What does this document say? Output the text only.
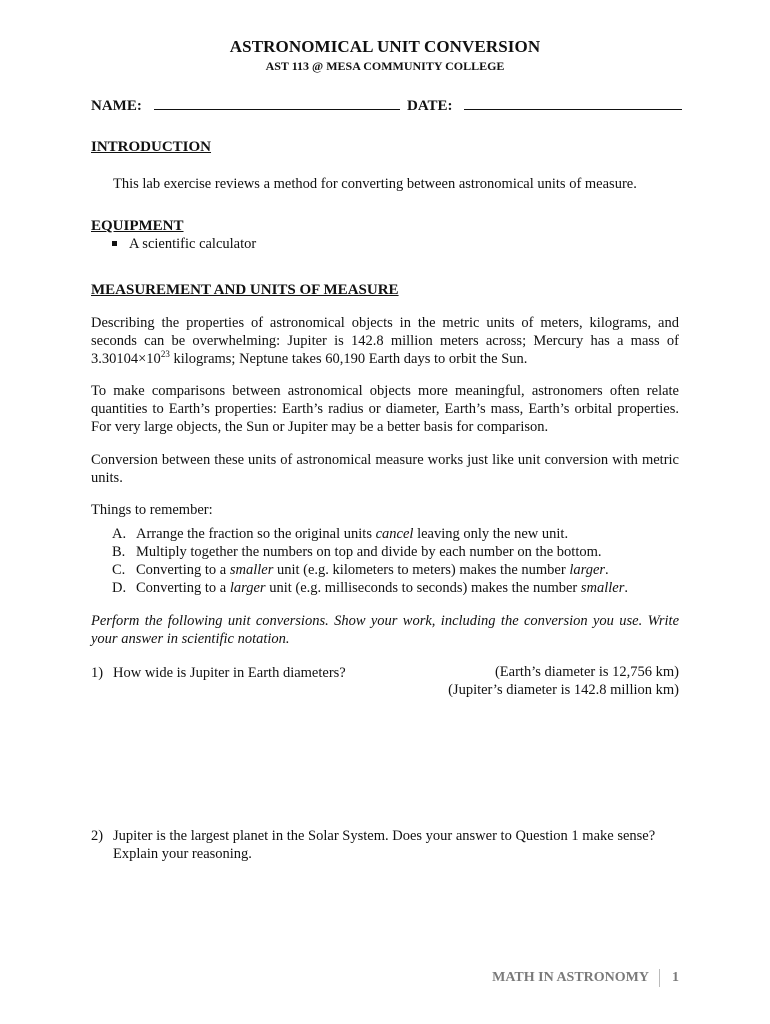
ASTRONOMICAL UNIT CONVERSION
AST 113 @ MESA COMMUNITY COLLEGE
NAME:	DATE:
INTRODUCTION
This lab exercise reviews a method for converting between astronomical units of measure.
EQUIPMENT
A scientific calculator
MEASUREMENT AND UNITS OF MEASURE
Describing the properties of astronomical objects in the metric units of meters, kilograms, and seconds can be overwhelming: Jupiter is 142.8 million meters across; Mercury has a mass of $3.30104\times 10^{23}$ kilograms; Neptune takes 60,190 Earth days to orbit the Sun.
To make comparisons between astronomical objects more meaningful, astronomers often relate quantities to Earth’s properties: Earth’s radius or diameter, Earth’s mass, Earth’s orbital properties. For very large objects, the Sun or Jupiter may be a better basis for comparison.
Conversion between these units of astronomical measure works just like unit conversion with metric units.
Things to remember:
A. Arrange the fraction so the original units cancel leaving only the new unit.
B. Multiply together the numbers on top and divide by each number on the bottom.
C. Converting to a smaller unit (e.g. kilometers to meters) makes the number larger.
D. Converting to a larger unit (e.g. milliseconds to seconds) makes the number smaller.
Perform the following unit conversions. Show your work, including the conversion you use. Write your answer in scientific notation.
1) How wide is Jupiter in Earth diameters?	(Earth’s diameter is 12,756 km)
(Jupiter’s diameter is 142.8 million km)
2) Jupiter is the largest planet in the Solar System. Does your answer to Question 1 make sense?
Explain your reasoning.
MATH IN ASTRONOMY 1
